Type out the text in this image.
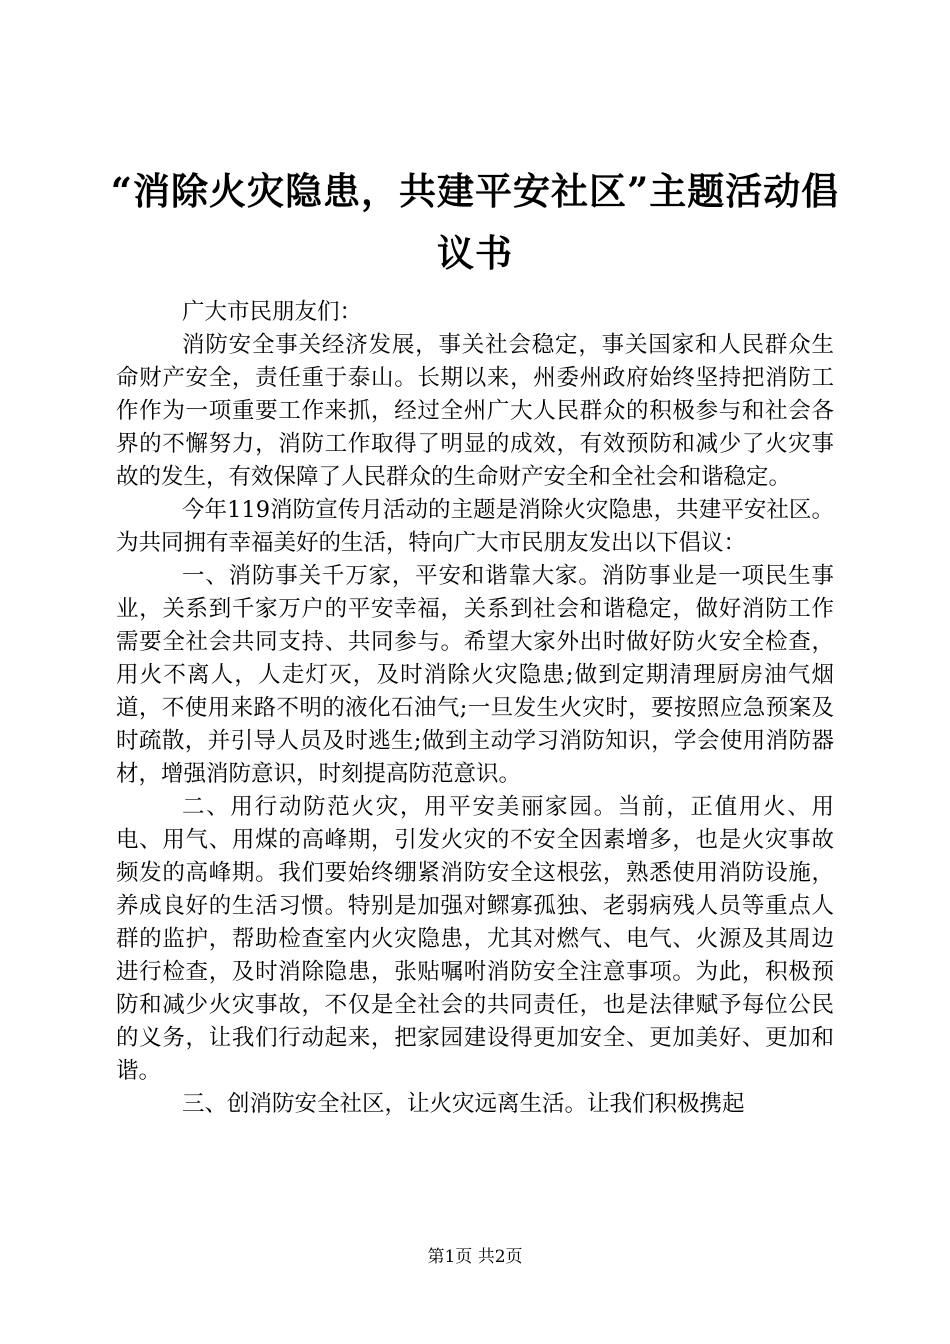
“消除火灾隐患，共建平安社区”主题活动倡议书

广大市民朋友们：

消防安全事关经济发展，事关社会稳定，事关国家和人民群众生命财产安全，责任重于泰山。长期以来，州委州政府始终坚持把消防工作作为一项重要工作来抓，经过全州广大人民群众的积极参与和社会各界的不懈努力，消防工作取得了明显的成效，有效预防和减少了火灾事故的发生，有效保障了人民群众的生命财产安全和全社会和谐稳定。

今年119消防宣传月活动的主题是消除火灾隐患，共建平安社区。为共同拥有幸福美好的生活，特向广大市民朋友发出以下倡议：

一、消防事关千万家，平安和谐靠大家。消防事业是一项民生事业，关系到千家万户的平安幸福，关系到社会和谐稳定，做好消防工作需要全社会共同支持、共同参与。希望大家外出时做好防火安全检查，用火不离人，人走灯灭，及时消除火灾隐患;做到定期清理厨房油气烟道，不使用来路不明的液化石油气;一旦发生火灾时，要按照应急预案及时疏散，并引导人员及时逃生;做到主动学习消防知识，学会使用消防器材，增强消防意识，时刻提高防范意识。

二、用行动防范火灾，用平安美丽家园。当前，正值用火、用电、用气、用煤的高峰期，引发火灾的不安全因素增多，也是火灾事故频发的高峰期。我们要始终绷紧消防安全这根弦，熟悉使用消防设施，养成良好的生活习惯。特别是加强对鳏寡孤独、老弱病残人员等重点人群的监护，帮助检查室内火灾隐患，尤其对燃气、电气、火源及其周边进行检查，及时消除隐患，张贴嘱咐消防安全注意事项。为此，积极预防和减少火灾事故，不仅是全社会的共同责任，也是法律赋予每位公民的义务，让我们行动起来，把家园建设得更加安全、更加美好、更加和谐。

三、创消防安全社区，让火灾远离生活。让我们积极携起

第1页 共2页
